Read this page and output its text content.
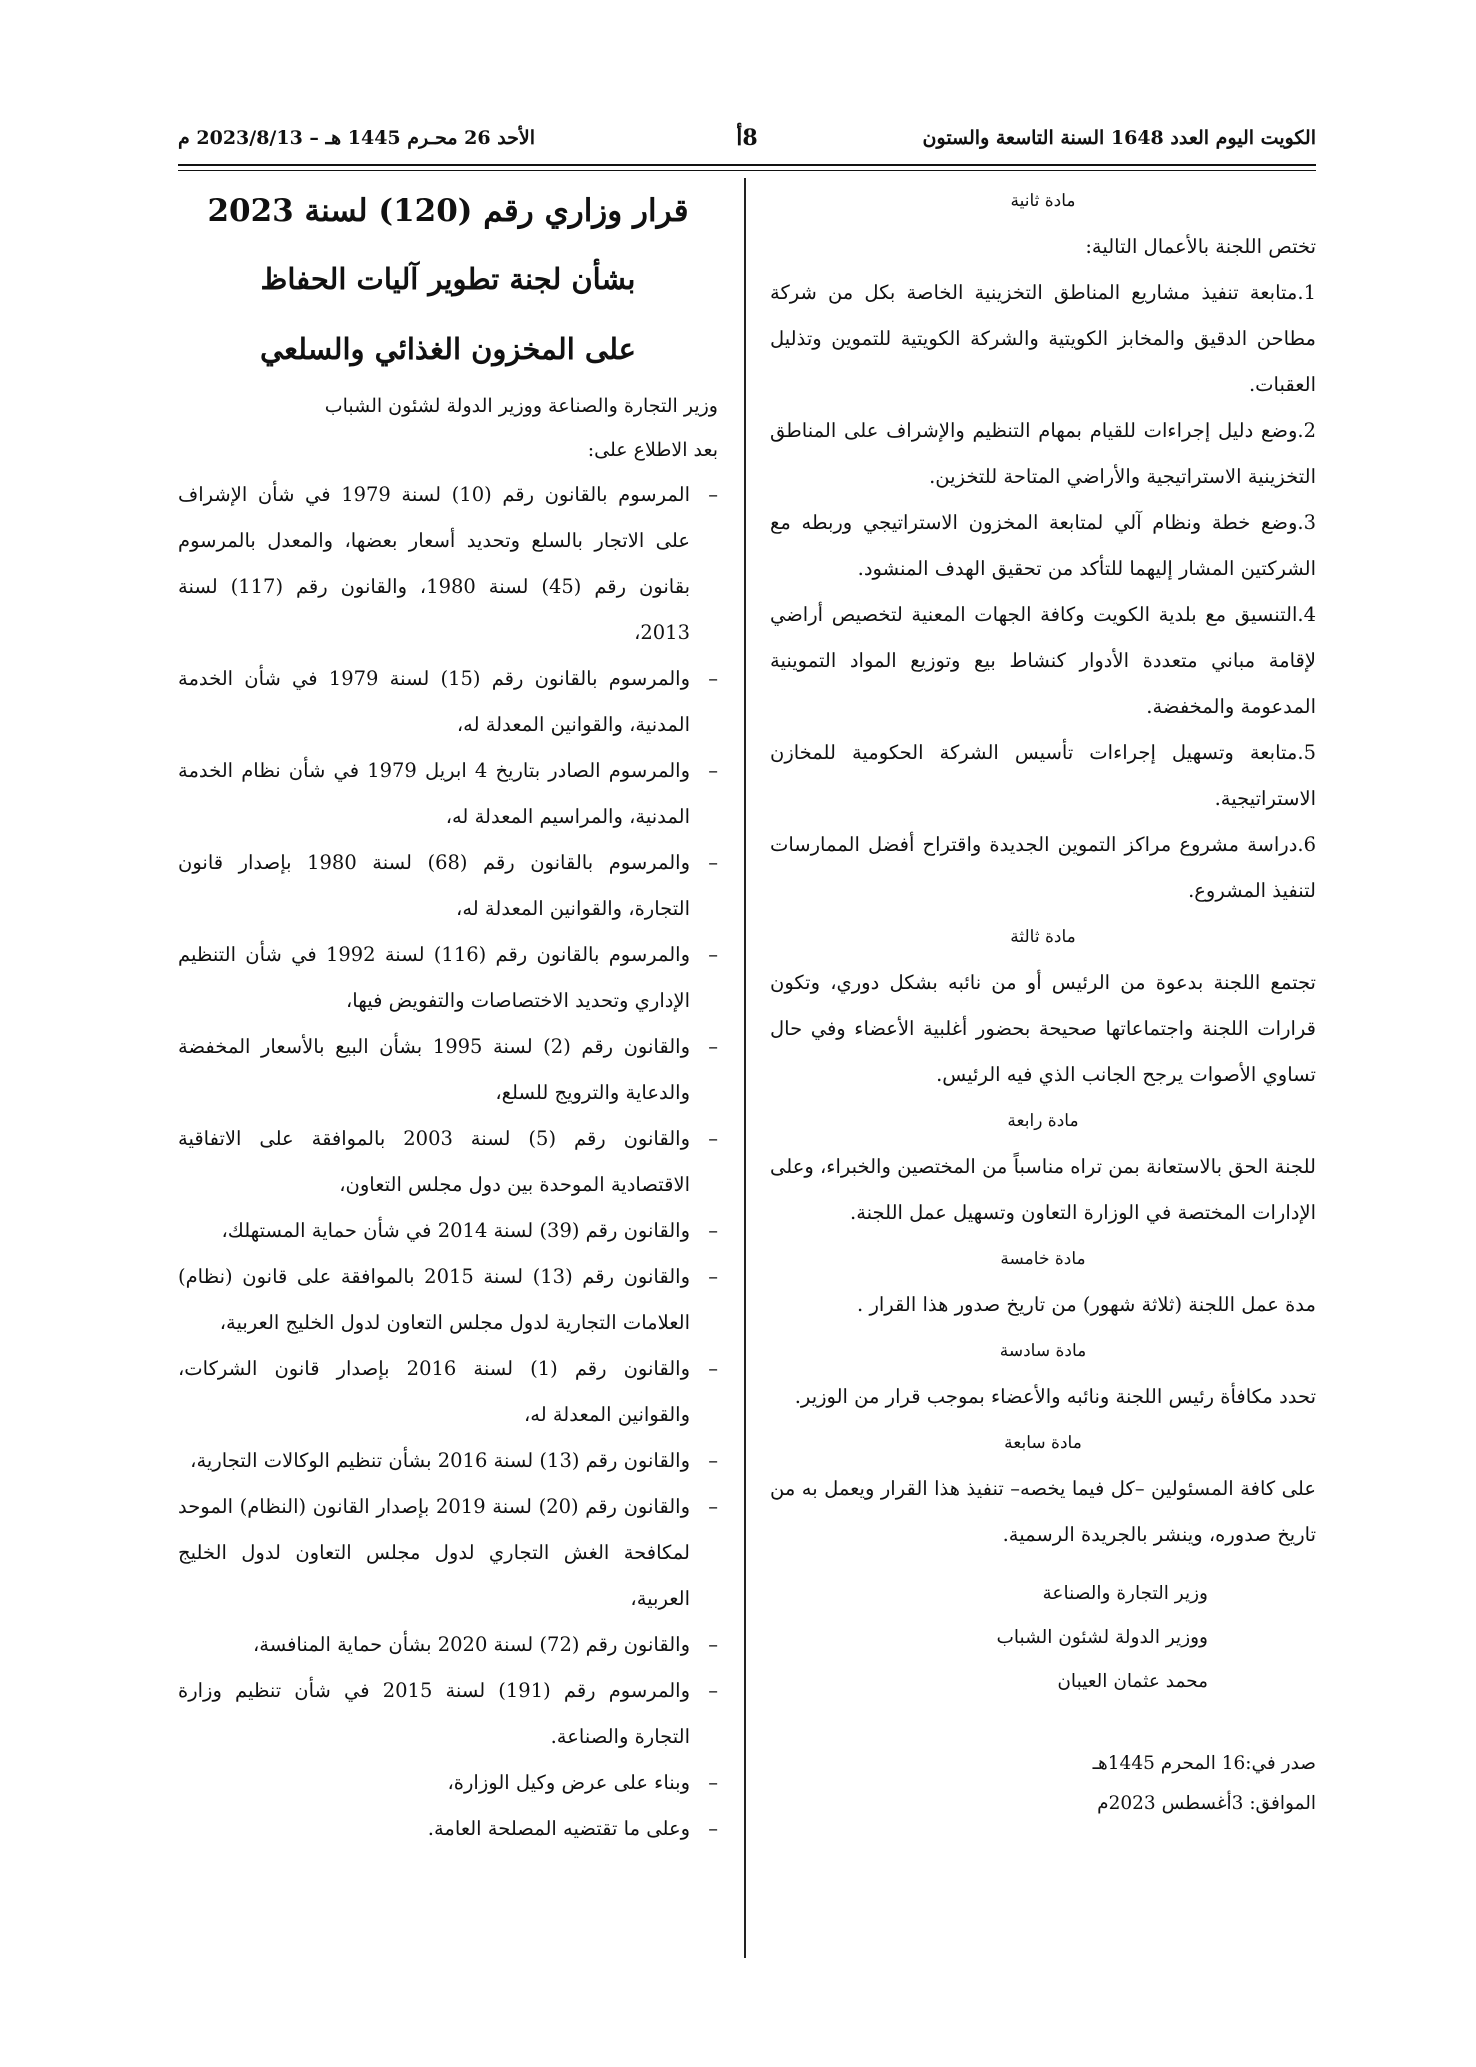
الكويت اليوم العدد 1648 السنة التاسعة والستون
8أ
الأحد 26 محـرم 1445 هـ – 2023/8/13 م
مادة ثانية

تختص اللجنة بالأعمال التالية:

1.متابعة تنفيذ مشاريع المناطق التخزينية الخاصة بكل من شركة مطاحن الدقيق والمخابز الكويتية والشركة الكويتية للتموين وتذليل العقبات.

2.وضع دليل إجراءات للقيام بمهام التنظيم والإشراف على المناطق التخزينية الاستراتيجية والأراضي المتاحة للتخزين.

3.وضع خطة ونظام آلي لمتابعة المخزون الاستراتيجي وربطه مع الشركتين المشار إليهما للتأكد من تحقيق الهدف المنشود.

4.التنسيق مع بلدية الكويت وكافة الجهات المعنية لتخصيص أراضي لإقامة مباني متعددة الأدوار كنشاط بيع وتوزيع المواد التموينية المدعومة والمخفضة.

5.متابعة وتسهيل إجراءات تأسيس الشركة الحكومية للمخازن الاستراتيجية.

6.دراسة مشروع مراكز التموين الجديدة واقتراح أفضل الممارسات لتنفيذ المشروع.

مادة ثالثة

تجتمع اللجنة بدعوة من الرئيس أو من نائبه بشكل دوري، وتكون قرارات اللجنة واجتماعاتها صحيحة بحضور أغلبية الأعضاء وفي حال تساوي الأصوات يرجح الجانب الذي فيه الرئيس.

مادة رابعة

للجنة الحق بالاستعانة بمن تراه مناسباً من المختصين والخبراء، وعلى الإدارات المختصة في الوزارة التعاون وتسهيل عمل اللجنة.

مادة خامسة

مدة عمل اللجنة (ثلاثة شهور) من تاريخ صدور هذا القرار .

مادة سادسة

تحدد مكافأة رئيس اللجنة ونائبه والأعضاء بموجب قرار من الوزير.

مادة سابعة

على كافة المسئولين –كل فيما يخصه– تنفيذ هذا القرار ويعمل به من تاريخ صدوره، وينشر بالجريدة الرسمية.

وزير التجارة والصناعة
ووزير الدولة لشئون الشباب
محمد عثمان العيبان
صدر في:16 المحرم 1445هـ
الموافق: 3أغسطس 2023م
قرار وزاري رقم (120) لسنة 2023
بشأن لجنة تطوير آليات الحفاظ
على المخزون الغذائي والسلعي

وزير التجارة والصناعة ووزير الدولة لشئون الشباب

بعد الاطلاع على:

–المرسوم بالقانون رقم (10) لسنة 1979 في شأن الإشراف على الاتجار بالسلع وتحديد أسعار بعضها، والمعدل بالمرسوم بقانون رقم (45) لسنة 1980، والقانون رقم (117) لسنة 2013،

–والمرسوم بالقانون رقم (15) لسنة 1979 في شأن الخدمة المدنية، والقوانين المعدلة له،

–والمرسوم الصادر بتاريخ 4 ابريل 1979 في شأن نظام الخدمة المدنية، والمراسيم المعدلة له،

–والمرسوم بالقانون رقم (68) لسنة 1980 بإصدار قانون التجارة، والقوانين المعدلة له،

–والمرسوم بالقانون رقم (116) لسنة 1992 في شأن التنظيم الإداري وتحديد الاختصاصات والتفويض فيها،

–والقانون رقم (2) لسنة 1995 بشأن البيع بالأسعار المخفضة والدعاية والترويج للسلع،

–والقانون رقم (5) لسنة 2003 بالموافقة على الاتفاقية الاقتصادية الموحدة بين دول مجلس التعاون،

–والقانون رقم (39) لسنة 2014 في شأن حماية المستهلك،

–والقانون رقم (13) لسنة 2015 بالموافقة على قانون (نظام) العلامات التجارية لدول مجلس التعاون لدول الخليج العربية،

–والقانون رقم (1) لسنة 2016 بإصدار قانون الشركات، والقوانين المعدلة له،

–والقانون رقم (13) لسنة 2016 بشأن تنظيم الوكالات التجارية،

–والقانون رقم (20) لسنة 2019 بإصدار القانون (النظام) الموحد لمكافحة الغش التجاري لدول مجلس التعاون لدول الخليج العربية،

–والقانون رقم (72) لسنة 2020 بشأن حماية المنافسة،

–والمرسوم رقم (191) لسنة 2015 في شأن تنظيم وزارة التجارة والصناعة.

–وبناء على عرض وكيل الوزارة،

–وعلى ما تقتضيه المصلحة العامة.
